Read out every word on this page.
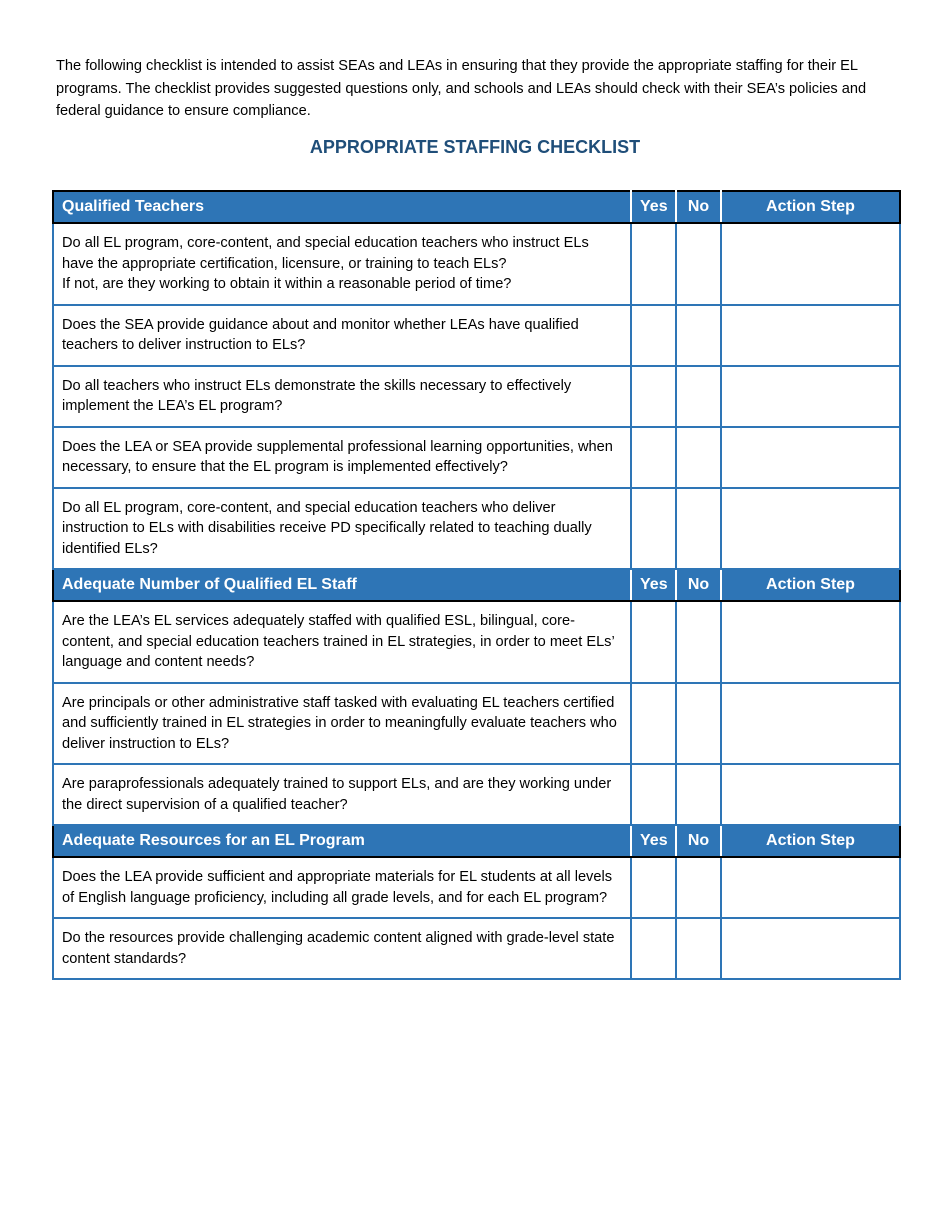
The following checklist is intended to assist SEAs and LEAs in ensuring that they provide the appropriate staffing for their EL programs. The checklist provides suggested questions only, and schools and LEAs should check with their SEA’s policies and federal guidance to ensure compliance.

APPROPRIATE STAFFING CHECKLIST
Qualified Teachers	Yes	No	Action Step
Do all EL program, core-content, and special education teachers who instruct ELs have the appropriate certification, licensure, or training to teach ELs?
If not, are they working to obtain it within a reasonable period of time?			
Does the SEA provide guidance about and monitor whether LEAs have qualified teachers to deliver instruction to ELs?			
Do all teachers who instruct ELs demonstrate the skills necessary to effectively implement the LEA’s EL program?			
Does the LEA or SEA provide supplemental professional learning opportunities, when necessary, to ensure that the EL program is implemented effectively?			
Do all EL program, core-content, and special education teachers who deliver instruction to ELs with disabilities receive PD specifically related to teaching dually identified ELs?			
Adequate Number of Qualified EL Staff	Yes	No	Action Step
Are the LEA’s EL services adequately staffed with qualified ESL, bilingual, core-content, and special education teachers trained in EL strategies, in order to meet ELs’ language and content needs?			
Are principals or other administrative staff tasked with evaluating EL teachers certified and sufficiently trained in EL strategies in order to meaningfully evaluate teachers who deliver instruction to ELs?			
Are paraprofessionals adequately trained to support ELs, and are they working under the direct supervision of a qualified teacher?			
Adequate Resources for an EL Program	Yes	No	Action Step
Does the LEA provide sufficient and appropriate materials for EL students at all levels of English language proficiency, including all grade levels, and for each EL program?			
Do the resources provide challenging academic content aligned with grade-level state content standards?			
